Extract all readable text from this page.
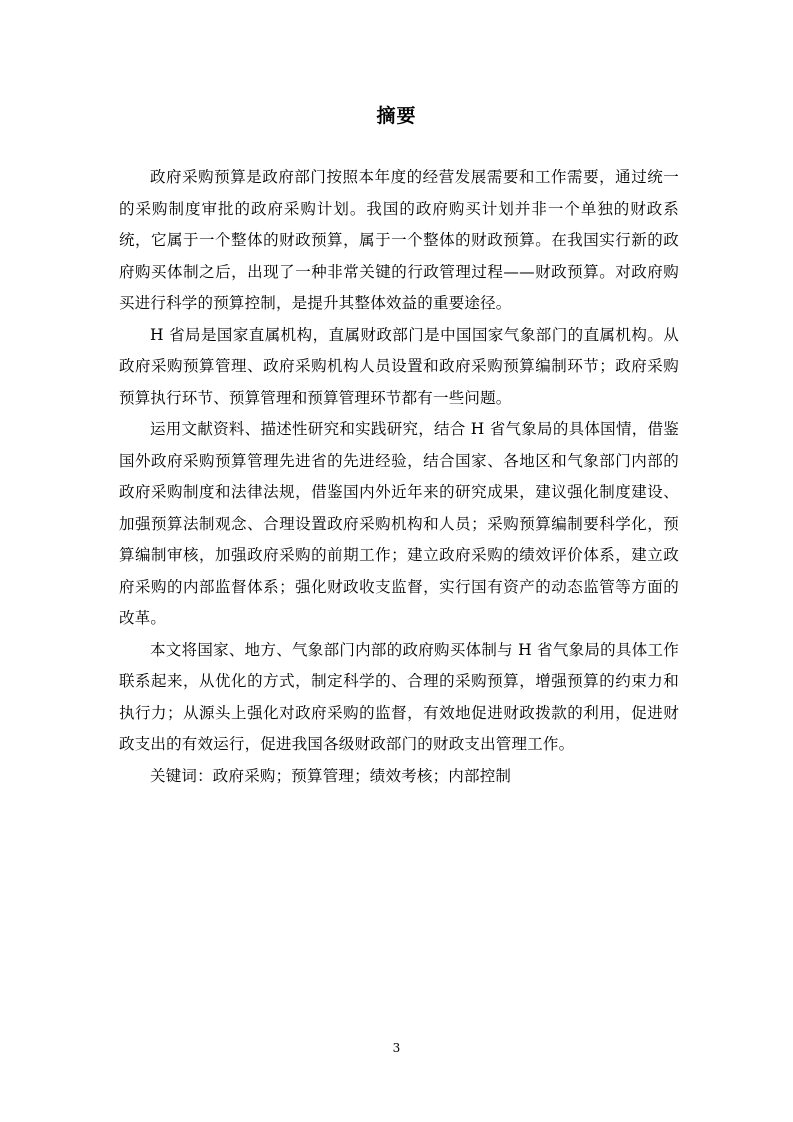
摘要

政府采购预算是政府部门按照本年度的经营发展需要和工作需要，通过统一的采购制度审批的政府采购计划。我国的政府购买计划并非一个单独的财政系统，它属于一个整体的财政预算，属于一个整体的财政预算。在我国实行新的政府购买体制之后，出现了一种非常关键的行政管理过程——财政预算。对政府购买进行科学的预算控制，是提升其整体效益的重要途径。

H 省局是国家直属机构，直属财政部门是中国国家气象部门的直属机构。从政府采购预算管理、政府采购机构人员设置和政府采购预算编制环节；政府采购预算执行环节、预算管理和预算管理环节都有一些问题。

运用文献资料、描述性研究和实践研究，结合 H 省气象局的具体国情，借鉴国外政府采购预算管理先进省的先进经验，结合国家、各地区和气象部门内部的政府采购制度和法律法规，借鉴国内外近年来的研究成果，建议强化制度建设、加强预算法制观念、合理设置政府采购机构和人员；采购预算编制要科学化，预算编制审核，加强政府采购的前期工作；建立政府采购的绩效评价体系，建立政府采购的内部监督体系；强化财政收支监督，实行国有资产的动态监管等方面的改革。

本文将国家、地方、气象部门内部的政府购买体制与 H 省气象局的具体工作联系起来，从优化的方式，制定科学的、合理的采购预算，增强预算的约束力和执行力；从源头上强化对政府采购的监督，有效地促进财政拨款的利用，促进财政支出的有效运行，促进我国各级财政部门的财政支出管理工作。

关键词：政府采购；预算管理；绩效考核；内部控制

3
